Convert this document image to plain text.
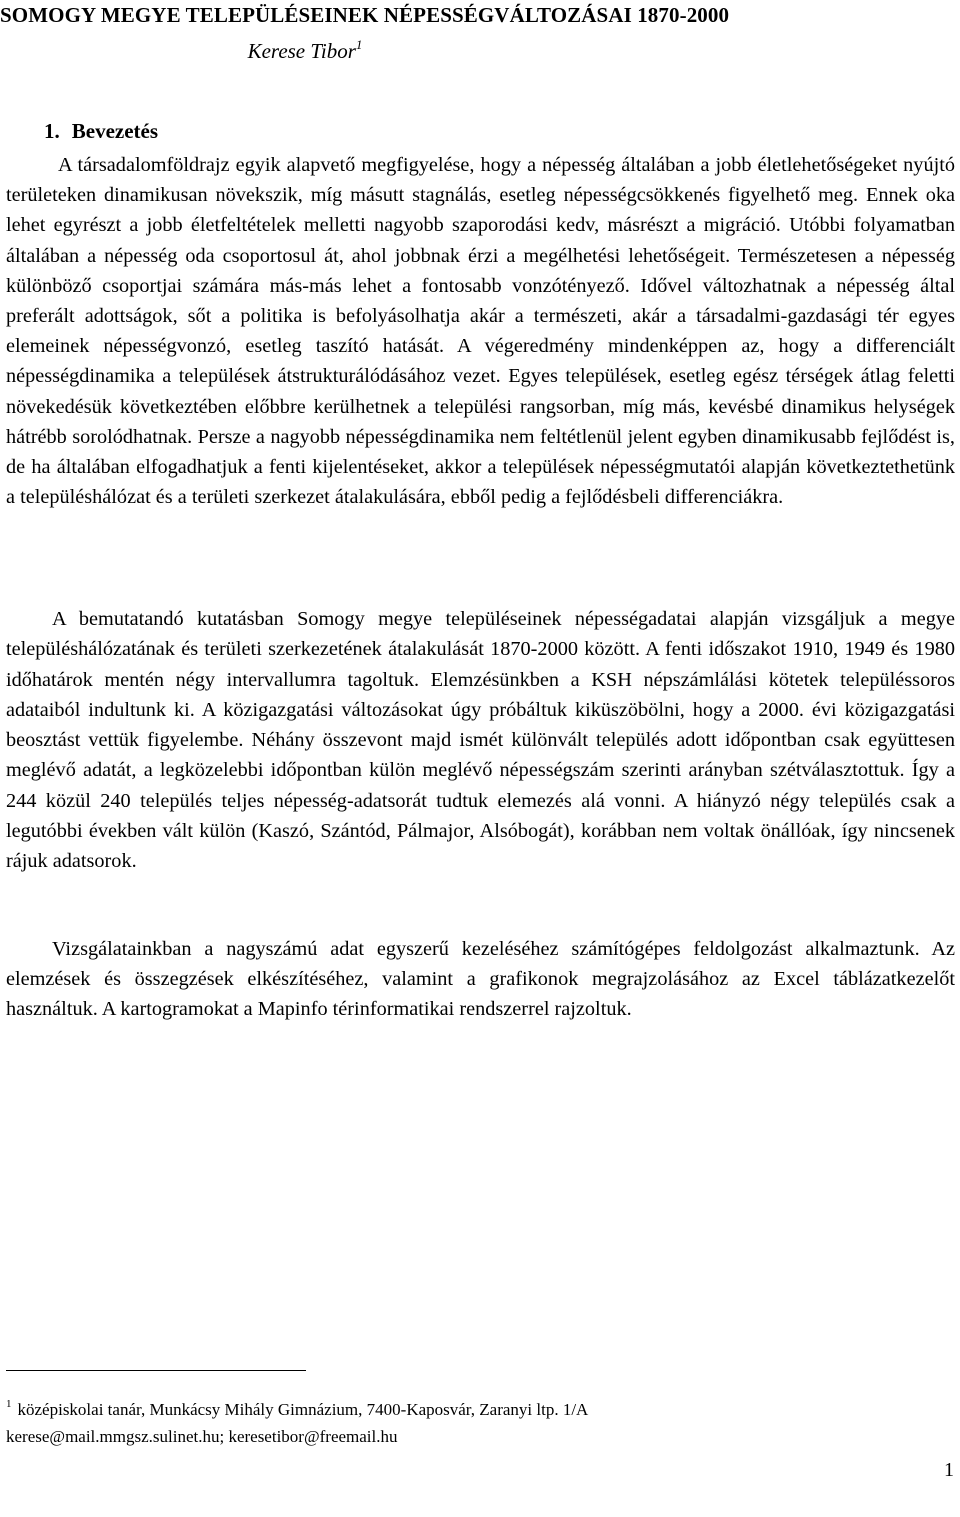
SOMOGY MEGYE TELEPÜLÉSEINEK NÉPESSÉGVÁLTOZÁSAI 1870-2000
Kerese Tibor$^1$
1. Bevezetés

A társadalomföldrajz egyik alapvető megfigyelése, hogy a népesség általában a jobb életlehetőségeket nyújtó területeken dinamikusan növekszik, míg másutt stagnálás, esetleg népességcsökkenés figyelhető meg. Ennek oka lehet egyrészt a jobb életfeltételek melletti nagyobb szaporodási kedv, másrészt a migráció. Utóbbi folyamatban általában a népesség oda csoportosul át, ahol jobbnak érzi a megélhetési lehetőségeit. Természetesen a népesség különböző csoportjai számára más-más lehet a fontosabb vonzótényező. Idővel változhatnak a népesség által preferált adottságok, sőt a politika is befolyásolhatja akár a természeti, akár a társadalmi-gazdasági tér egyes elemeinek népességvonzó, esetleg taszító hatását. A végeredmény mindenképpen az, hogy a differenciált népességdinamika a települések átstrukturálódásához vezet. Egyes települések, esetleg egész térségek átlag feletti növekedésük következtében előbbre kerülhetnek a települési rangsorban, míg más, kevésbé dinamikus helységek hátrébb sorolódhatnak. Persze a nagyobb népességdinamika nem feltétlenül jelent egyben dinamikusabb fejlődést is, de ha általában elfogadhatjuk a fenti kijelentéseket, akkor a települések népességmutatói alapján következtethetünk a településhálózat és a területi szerkezet átalakulására, ebből pedig a fejlődésbeli differenciákra.

A bemutatandó kutatásban Somogy megye településeinek népességadatai alapján vizsgáljuk a megye településhálózatának és területi szerkezetének átalakulását 1870-2000 között. A fenti időszakot 1910, 1949 és 1980 időhatárok mentén négy intervallumra tagoltuk. Elemzésünkben a KSH népszámlálási kötetek településsoros adataiból indultunk ki. A közigazgatási változásokat úgy próbáltuk kiküszöbölni, hogy a 2000. évi közigazgatási beosztást vettük figyelembe. Néhány összevont majd ismét különvált település adott időpontban csak együttesen meglévő adatát, a legközelebbi időpontban külön meglévő népességszám szerinti arányban szétválasztottuk. Így a 244 közül 240 település teljes népesség-adatsorát tudtuk elemezés alá vonni. A hiányzó négy település csak a legutóbbi években vált külön (Kaszó, Szántód, Pálmajor, Alsóbogát), korábban nem voltak önállóak, így nincsenek rájuk adatsorok.

Vizsgálatainkban a nagyszámú adat egyszerű kezeléséhez számítógépes feldolgozást alkalmaztunk. Az elemzések és összegzések elkészítéséhez, valamint a grafikonok megrajzolásához az Excel táblázatkezelőt használtuk. A kartogramokat a Mapinfo térinformatikai rendszerrel rajzoltuk.

$^1$ középiskolai tanár, Munkácsy Mihály Gimnázium, 7400-Kaposvár, Zaranyi ltp. 1/A
kerese@mail.mmgsz.sulinet.hu; keresetibor@freemail.hu
1
